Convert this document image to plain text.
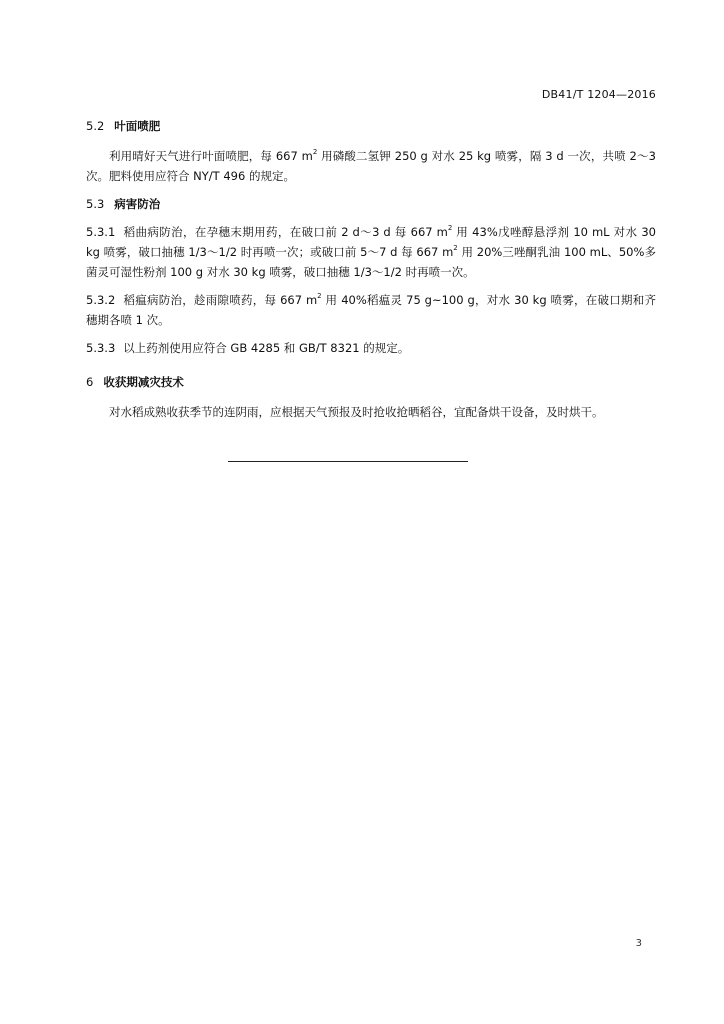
DB41/T 1204—2016
5.2 叶面喷肥

利用晴好天气进行叶面喷肥，每 667 $m^2$ 用磷酸二氢钾 250 g 对水 25 kg 喷雾，隔 3 d 一次，共喷 2～3 次。肥料使用应符合 NY/T 496 的规定。

5.3 病害防治

5.3.1 稻曲病防治，在孕穗末期用药，在破口前 2 d～3 d 每 667 $m^2$ 用 43%戊唑醇悬浮剂 10 mL 对水 30 kg 喷雾，破口抽穗 1/3～1/2 时再喷一次；或破口前 5～7 d 每 667 $m^2$ 用 20%三唑酮乳油 100 mL、50%多菌灵可湿性粉剂 100 g 对水 30 kg 喷雾，破口抽穗 1/3～1/2 时再喷一次。

5.3.2 稻瘟病防治，趁雨隙喷药，每 667 $m^2$ 用 40%稻瘟灵 75 g~100 g，对水 30 kg 喷雾，在破口期和齐穗期各喷 1 次。

5.3.3 以上药剂使用应符合 GB 4285 和 GB/T 8321 的规定。

6 收获期减灾技术

对水稻成熟收获季节的连阴雨，应根据天气预报及时抢收抢晒稻谷，宜配备烘干设备，及时烘干。

3
